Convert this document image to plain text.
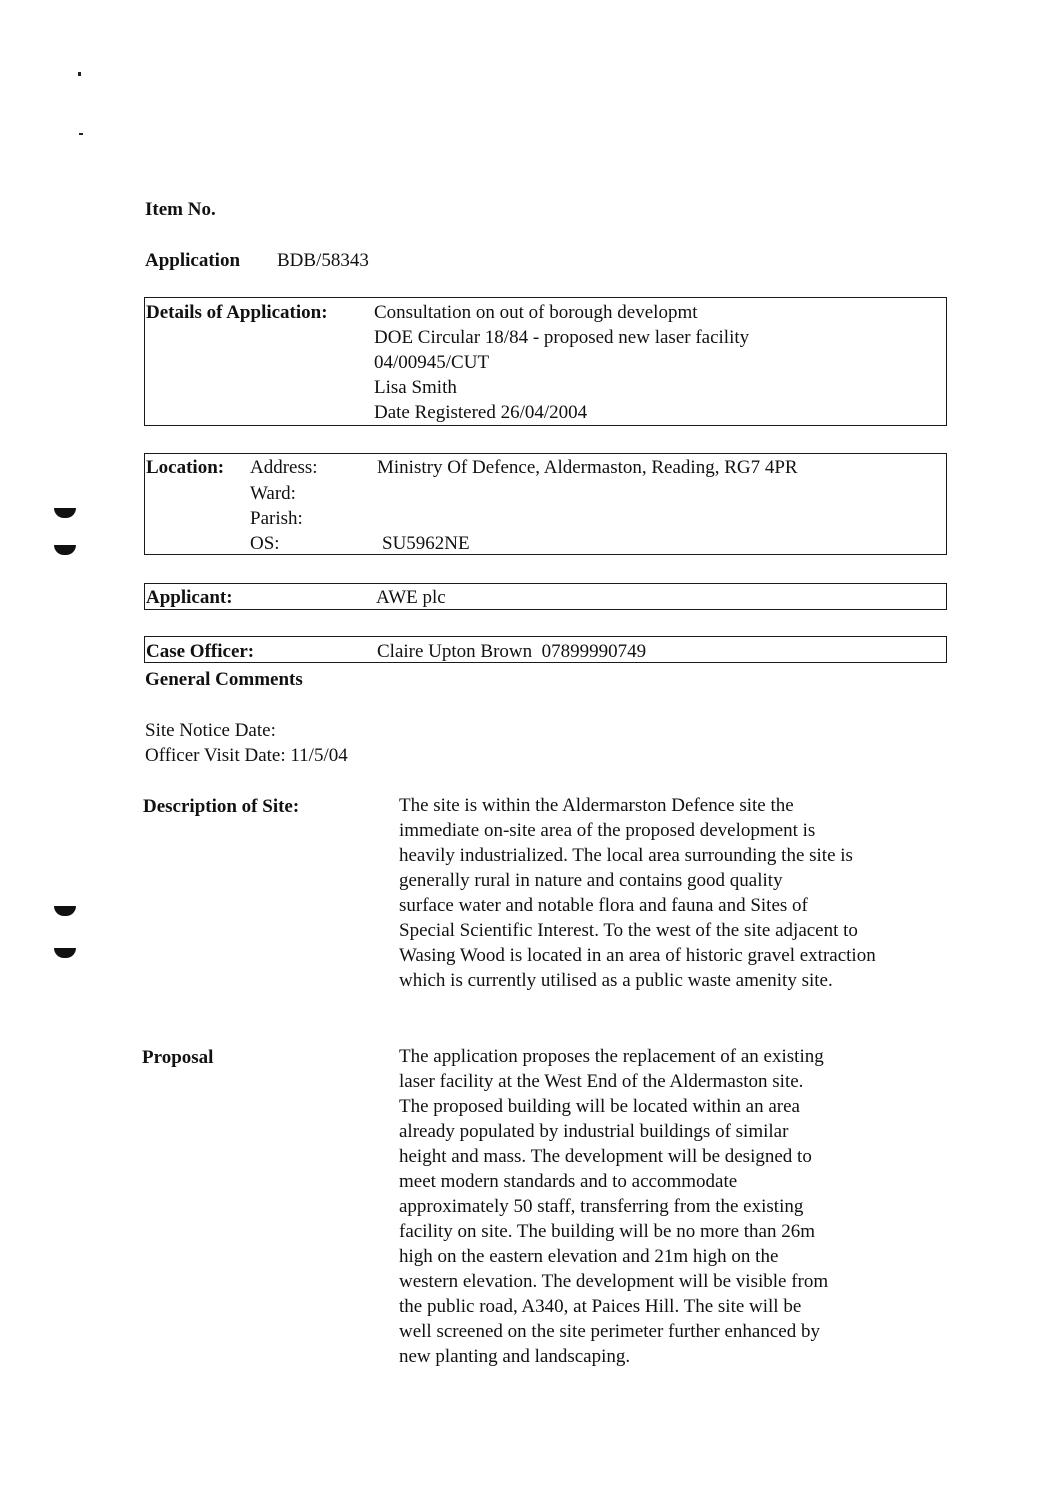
Item No.
Application BDB/58343
Details of Application: Consultation on out of borough developmt
DOE Circular 18/84 - proposed new laser facility
04/00945/CUT
Lisa Smith
Date Registered 26/04/2004
Location: Address:	Ministry Of Defence, Aldermaston, Reading, RG7 4PR
Ward:
Parish:
OS:	SU5962NE
Applicant:	AWE plc
Case Officer:	Claire Upton Brown  07899990749
General Comments
Site Notice Date:
Officer Visit Date: 11/5/04
Description of Site:	The site is within the Aldermarston Defence site the
immediate on-site area of the proposed development is
heavily industrialized. The local area surrounding the site is
generally rural in nature and contains good quality
surface water and notable flora and fauna and Sites of
Special Scientific Interest. To the west of the site adjacent to
Wasing Wood is located in an area of historic gravel extraction
which is currently utilised as a public waste amenity site.
Proposal	The application proposes the replacement of an existing
laser facility at the West End of the Aldermaston site.
The proposed building will be located within an area
already populated by industrial buildings of similar
height and mass. The development will be designed to
meet modern standards and to accommodate
approximately 50 staff, transferring from the existing
facility on site. The building will be no more than 26m
high on the eastern elevation and 21m high on the
western elevation. The development will be visible from
the public road, A340, at Paices Hill. The site will be
well screened on the site perimeter further enhanced by
new planting and landscaping.
